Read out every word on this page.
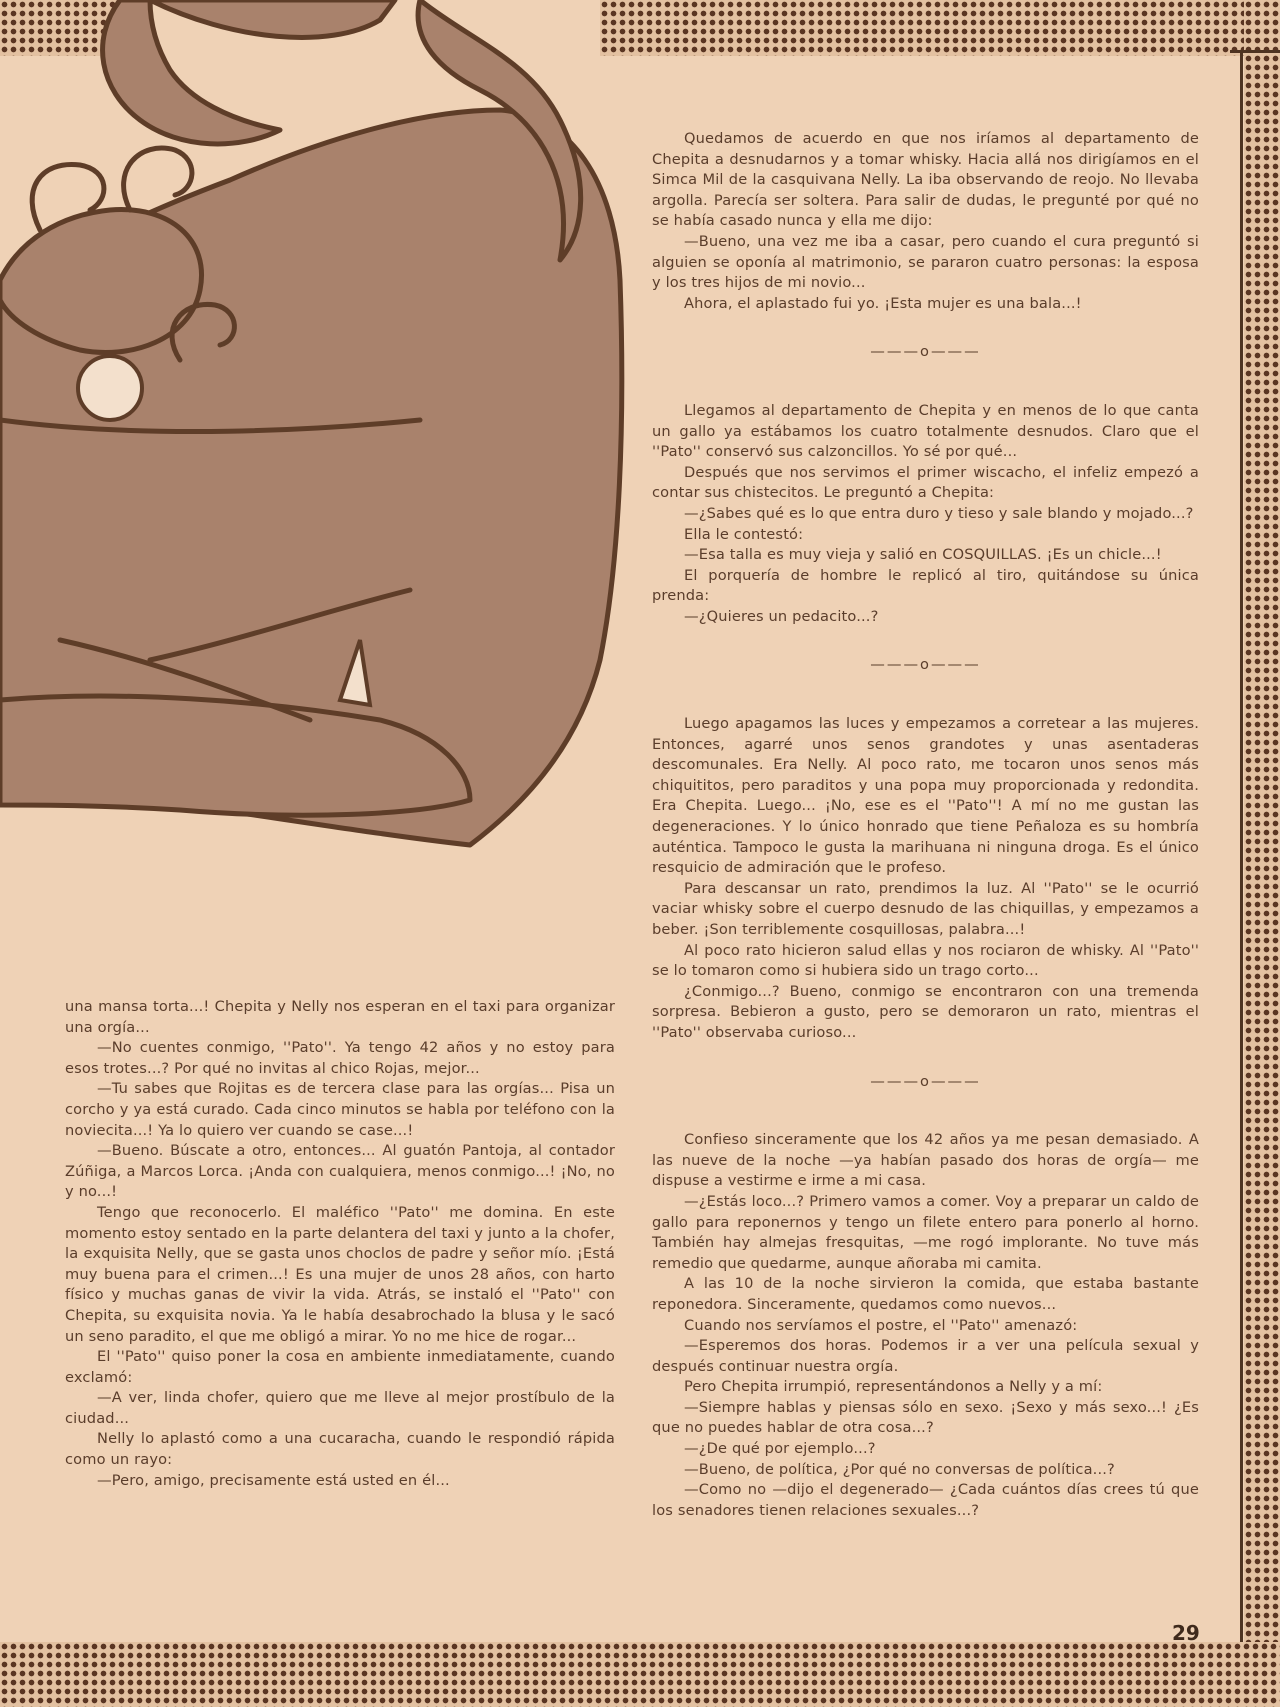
una mansa torta...! Chepita y Nelly nos esperan en el taxi para organizar una orgía...

—No cuentes conmigo, ''Pato''. Ya tengo 42 años y no estoy para esos trotes...? Por qué no invitas al chico Rojas, mejor...

—Tu sabes que Rojitas es de tercera clase para las orgías... Pisa un corcho y ya está curado. Cada cinco minutos se habla por teléfono con la noviecita...! Ya lo quiero ver cuando se case...!

—Bueno. Búscate a otro, entonces... Al guatón Pantoja, al contador Zúñiga, a Marcos Lorca. ¡Anda con cualquiera, menos conmigo...! ¡No, no y no...!

Tengo que reconocerlo. El maléfico ''Pato'' me domina. En este momento estoy sentado en la parte delantera del taxi y junto a la chofer, la exquisita Nelly, que se gasta unos choclos de padre y señor mío. ¡Está muy buena para el crimen...! Es una mujer de unos 28 años, con harto físico y muchas ganas de vivir la vida. Atrás, se instaló el ''Pato'' con Chepita, su exquisita novia. Ya le había desabrochado la blusa y le sacó un seno paradito, el que me obligó a mirar. Yo no me hice de rogar...

El ''Pato'' quiso poner la cosa en ambiente inmediatamente, cuando exclamó:

—A ver, linda chofer, quiero que me lleve al mejor prostíbulo de la ciudad...

Nelly lo aplastó como a una cucaracha, cuando le respondió rápida como un rayo:

—Pero, amigo, precisamente está usted en él...

Quedamos de acuerdo en que nos iríamos al departamento de Chepita a desnudarnos y a tomar whisky. Hacia allá nos dirigíamos en el Simca Mil de la casquivana Nelly. La iba observando de reojo. No llevaba argolla. Parecía ser soltera. Para salir de dudas, le pregunté por qué no se había casado nunca y ella me dijo:

—Bueno, una vez me iba a casar, pero cuando el cura preguntó si alguien se oponía al matrimonio, se pararon cuatro personas: la esposa y los tres hijos de mi novio...

Ahora, el aplastado fui yo. ¡Esta mujer es una bala...!

———o———

Llegamos al departamento de Chepita y en menos de lo que canta un gallo ya estábamos los cuatro totalmente desnudos. Claro que el ''Pato'' conservó sus calzoncillos. Yo sé por qué...

Después que nos servimos el primer wiscacho, el infeliz empezó a contar sus chistecitos. Le preguntó a Chepita:

—¿Sabes qué es lo que entra duro y tieso y sale blando y mojado...?

Ella le contestó:

—Esa talla es muy vieja y salió en COSQUILLAS. ¡Es un chicle...!

El porquería de hombre le replicó al tiro, quitándose su única prenda:

—¿Quieres un pedacito...?

———o———

Luego apagamos las luces y empezamos a corretear a las mujeres. Entonces, agarré unos senos grandotes y unas asentaderas descomunales. Era Nelly. Al poco rato, me tocaron unos senos más chiquititos, pero paraditos y una popa muy proporcionada y redondita. Era Chepita. Luego... ¡No, ese es el ''Pato''! A mí no me gustan las degeneraciones. Y lo único honrado que tiene Peñaloza es su hombría auténtica. Tampoco le gusta la marihuana ni ninguna droga. Es el único resquicio de admiración que le profeso.

Para descansar un rato, prendimos la luz. Al ''Pato'' se le ocurrió vaciar whisky sobre el cuerpo desnudo de las chiquillas, y empezamos a beber. ¡Son terriblemente cosquillosas, palabra...!

Al poco rato hicieron salud ellas y nos rociaron de whisky. Al ''Pato'' se lo tomaron como si hubiera sido un trago corto...

¿Conmigo...? Bueno, conmigo se encontraron con una tremenda sorpresa. Bebieron a gusto, pero se demoraron un rato, mientras el ''Pato'' observaba curioso...

———o———

Confieso sinceramente que los 42 años ya me pesan demasiado. A las nueve de la noche —ya habían pasado dos horas de orgía— me dispuse a vestirme e irme a mi casa.

—¿Estás loco...? Primero vamos a comer. Voy a preparar un caldo de gallo para reponernos y tengo un filete entero para ponerlo al horno. También hay almejas fresquitas, —me rogó implorante. No tuve más remedio que quedarme, aunque añoraba mi camita.

A las 10 de la noche sirvieron la comida, que estaba bastante reponedora. Sinceramente, quedamos como nuevos...

Cuando nos servíamos el postre, el ''Pato'' amenazó:

—Esperemos dos horas. Podemos ir a ver una película sexual y después continuar nuestra orgía.

Pero Chepita irrumpió, representándonos a Nelly y a mí:

—Siempre hablas y piensas sólo en sexo. ¡Sexo y más sexo...! ¿Es que no puedes hablar de otra cosa...?

—¿De qué por ejemplo...?

—Bueno, de política, ¿Por qué no conversas de política...?

—Como no —dijo el degenerado— ¿Cada cuántos días crees tú que los senadores tienen relaciones sexuales...?

29
